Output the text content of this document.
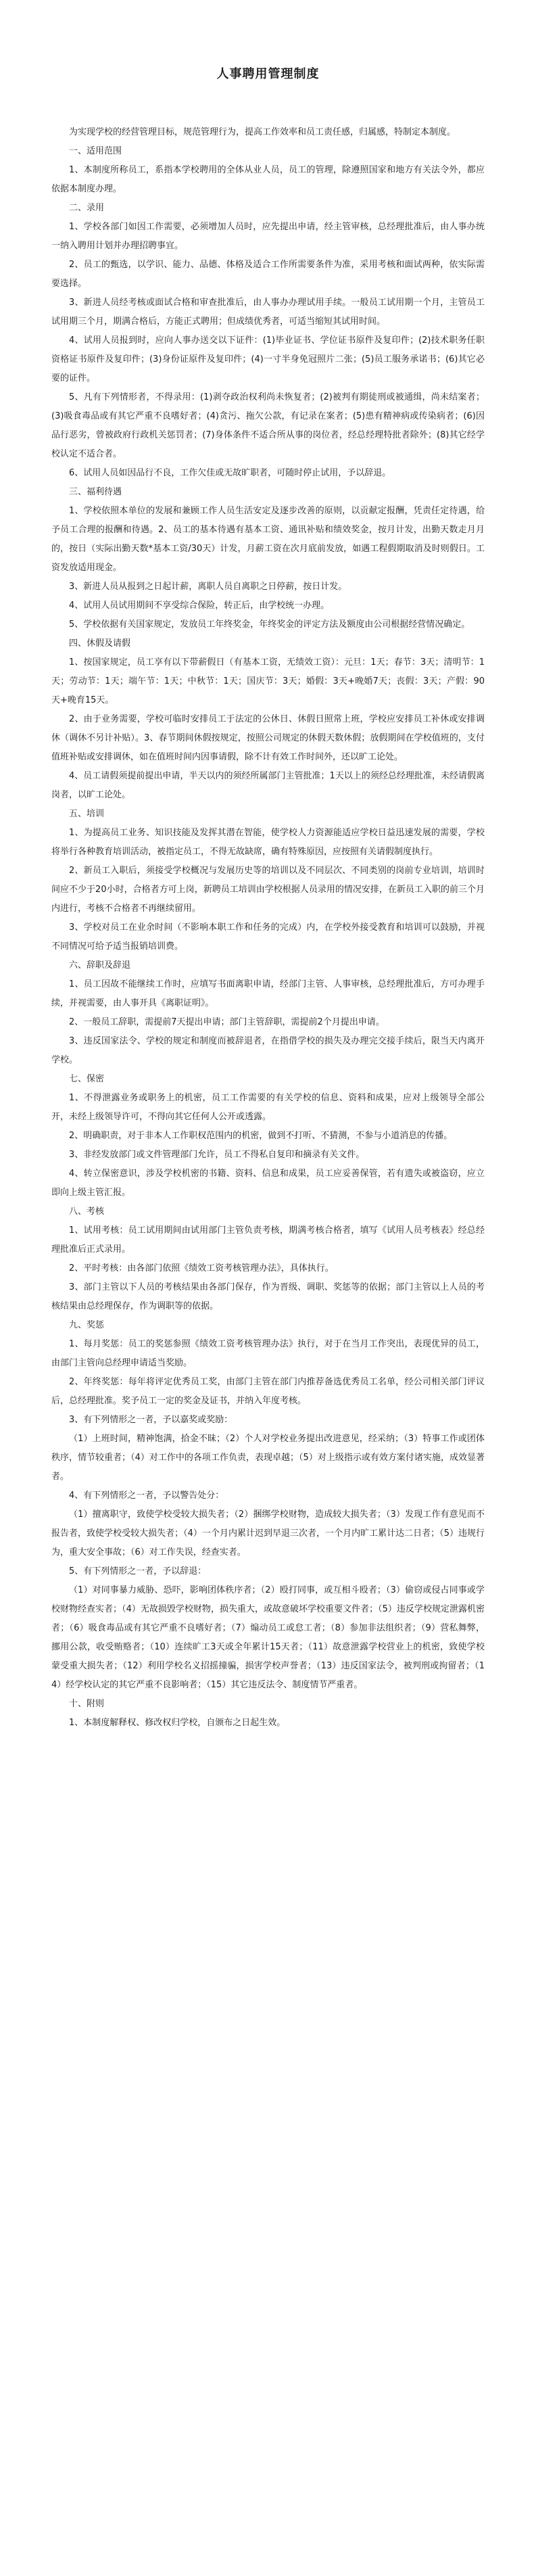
人事聘用管理制度

为实现学校的经营管理目标，规范管理行为，提高工作效率和员工责任感，归属感，特制定本制度。

一、适用范围

1、本制度所称员工，系指本学校聘用的全体从业人员，员工的管理，除遵照国家和地方有关法令外，都应依据本制度办理。

二、录用

1、学校各部门如因工作需要，必须增加人员时，应先提出申请，经主管审核，总经理批准后，由人事办统一纳入聘用计划并办理招聘事宜。

2、员工的甄选，以学识、能力、品德、体格及适合工作所需要条件为准，采用考核和面试两种，依实际需要选择。

3、新进人员经考核或面试合格和审查批准后，由人事办办理试用手续。一般员工试用期一个月，主管员工试用期三个月，期满合格后，方能正式聘用；但成绩优秀者，可适当缩短其试用时间。

4、试用人员报到时，应向人事办送交以下证件：(1)毕业证书、学位证书原件及复印件；(2)技术职务任职资格证书原件及复印件；(3)身份证原件及复印件；(4)一寸半身免冠照片二张；(5)员工服务承诺书；(6)其它必要的证件。

5、凡有下列情形者，不得录用：(1)剥夺政治权利尚未恢复者；(2)被判有期徒刑或被通缉，尚未结案者；(3)吸食毒品或有其它严重不良嗜好者；(4)贪污、拖欠公款，有记录在案者；(5)患有精神病或传染病者；(6)因品行恶劣，曾被政府行政机关惩罚者；(7)身体条件不适合所从事的岗位者，经总经理特批者除外；(8)其它经学校认定不适合者。

6、试用人员如因品行不良，工作欠佳或无故旷职者，可随时停止试用，予以辞退。

三、福利待遇

1、学校依照本单位的发展和兼顾工作人员生活安定及逐步改善的原则，以贡献定报酬，凭责任定待遇，给予员工合理的报酬和待遇。2、员工的基本待遇有基本工资、通讯补贴和绩效奖金，按月计发，出勤天数走月月的，按日（实际出勤天数*基本工资/30天）计发，月薪工资在次月底前发放，如遇工程假期取消及时则假日。工资发放适用现金。

3、新进人员从报到之日起计薪，离职人员自离职之日停薪，按日计发。

4、试用人员试用期间不享受综合保险，转正后，由学校统一办理。

5、学校依据有关国家规定，发放员工年终奖金，年终奖金的评定方法及额度由公司根据经营情况确定。

四、休假及请假

1、按国家规定，员工享有以下带薪假日（有基本工资，无绩效工资）：元旦：1天；春节：3天；清明节：1天；劳动节：1天；端午节：1天；中秋节：1天；国庆节：3天；婚假：3天+晚婚7天；丧假：3天；产假：90天+晚育15天。

2、由于业务需要，学校可临时安排员工于法定的公休日、休假日照常上班，学校应安排员工补休或安排调休（调休不另计补贴）。3、春节期间休假按规定，按照公司规定的休假天数休假；放假期间在学校值班的，支付值班补贴或安排调休，如在值班时间内因事请假，除不计有效工作时间外，还以旷工论处。

4、员工请假须提前提出申请，半天以内的须经所属部门主管批准；1天以上的须经总经理批准，未经请假离岗者，以旷工论处。

五、培训

1、为提高员工业务、知识技能及发挥其潜在智能，使学校人力资源能适应学校日益迅速发展的需要，学校将举行各种教育培训活动，被指定员工，不得无故缺席，确有特殊原因，应按照有关请假制度执行。

2、新员工入职后，须接受学校概况与发展历史等的培训以及不同层次、不同类别的岗前专业培训，培训时间应不少于20小时，合格者方可上岗，新聘员工培训由学校根据人员录用的情况安排，在新员工入职的前三个月内进行，考核不合格者不再继续留用。

3、学校对员工在业余时间（不影响本职工作和任务的完成）内，在学校外接受教育和培训可以鼓励，并视不同情况可给予适当报销培训费。

六、辞职及辞退

1、员工因故不能继续工作时，应填写书面离职申请，经部门主管、人事审核，总经理批准后，方可办理手续，并视需要，由人事开具《离职证明》。

2、一般员工辞职，需提前7天提出申请；部门主管辞职，需提前2个月提出申请。

3、违反国家法令、学校的规定和制度而被辞退者，在指借学校的损失及办理完交接手续后，限当天内离开学校。

七、保密

1、不得泄露业务或职务上的机密，员工工作需要的有关学校的信息、资料和成果，应对上级领导全部公开，未经上级领导许可，不得向其它任何人公开或透露。

2、明确职责，对于非本人工作职权范围内的机密，做到不打听、不猜测，不参与小道消息的传播。

3、非经发放部门或文件管理部门允许，员工不得私自复印和摘录有关文件。

4、转立保密意识，涉及学校机密的书籍、资料、信息和成果，员工应妥善保管，若有遗失或被盗窃，应立即向上级主管汇报。

八、考核

1、试用考核：员工试用期间由试用部门主管负责考核，期满考核合格者，填写《试用人员考核表》经总经理批准后正式录用。

2、平时考核：由各部门依照《绩效工资考核管理办法》，具体执行。

3、部门主管以下人员的考核结果由各部门保存，作为晋级、调职、奖惩等的依据；部门主管以上人员的考核结果由总经理保存，作为调职等的依据。

九、奖惩

1、每月奖惩：员工的奖惩参照《绩效工资考核管理办法》执行，对于在当月工作突出，表现优异的员工，由部门主管向总经理申请适当奖励。

2、年终奖惩：每年将评定优秀员工奖，由部门主管在部门内推荐备选优秀员工名单，经公司相关部门评议后，总经理批准。奖予员工一定的奖金及证书，并纳入年度考核。

3、有下列情形之一者，予以嘉奖或奖励：

（1）上班时间，精神饱满，拾金不昧；（2）个人对学校业务提出改进意见，经采纳；（3）特事工作或团体秩序，情节较重者；（4）对工作中的各项工作负责，表现卓越；（5）对上级指示或有效方案付诸实施，成效显著者。

4、有下列情形之一者，予以警告处分：

（1）擅离职守，致使学校受较大损失者；（2）捆绑学校财物，造成较大损失者；（3）发现工作有意见而不报告者，致使学校受较大损失者；（4）一个月内累计迟到早退三次者，一个月内旷工累计达二日者；（5）违规行为，重大安全事故；（6）对工作失误，经查实者。

5、有下列情形之一者，予以辞退：

（1）对同事暴力威胁、恐吓，影响团体秩序者；（2）殴打同事，或互相斗殴者；（3）偷窃或侵占同事或学校财物经查实者；（4）无故损毁学校财物，损失重大，或故意破坏学校重要文件者；（5）违反学校规定泄露机密者；（6）吸食毒品或有其它严重不良嗜好者；（7）煽动员工或怠工者；（8）参加非法组织者；（9）营私舞弊，挪用公款，收受贿赂者；（10）连续旷工3天或全年累计15天者；（11）故意泄露学校营业上的机密，致使学校蒙受重大损失者；（12）利用学校名义招摇撞骗，损害学校声誉者；（13）违反国家法令，被判刑或拘留者；（14）经学校认定的其它严重不良影响者；（15）其它违反法令、制度情节严重者。

十、附则

1、本制度解释权、修改权归学校，自颁布之日起生效。
